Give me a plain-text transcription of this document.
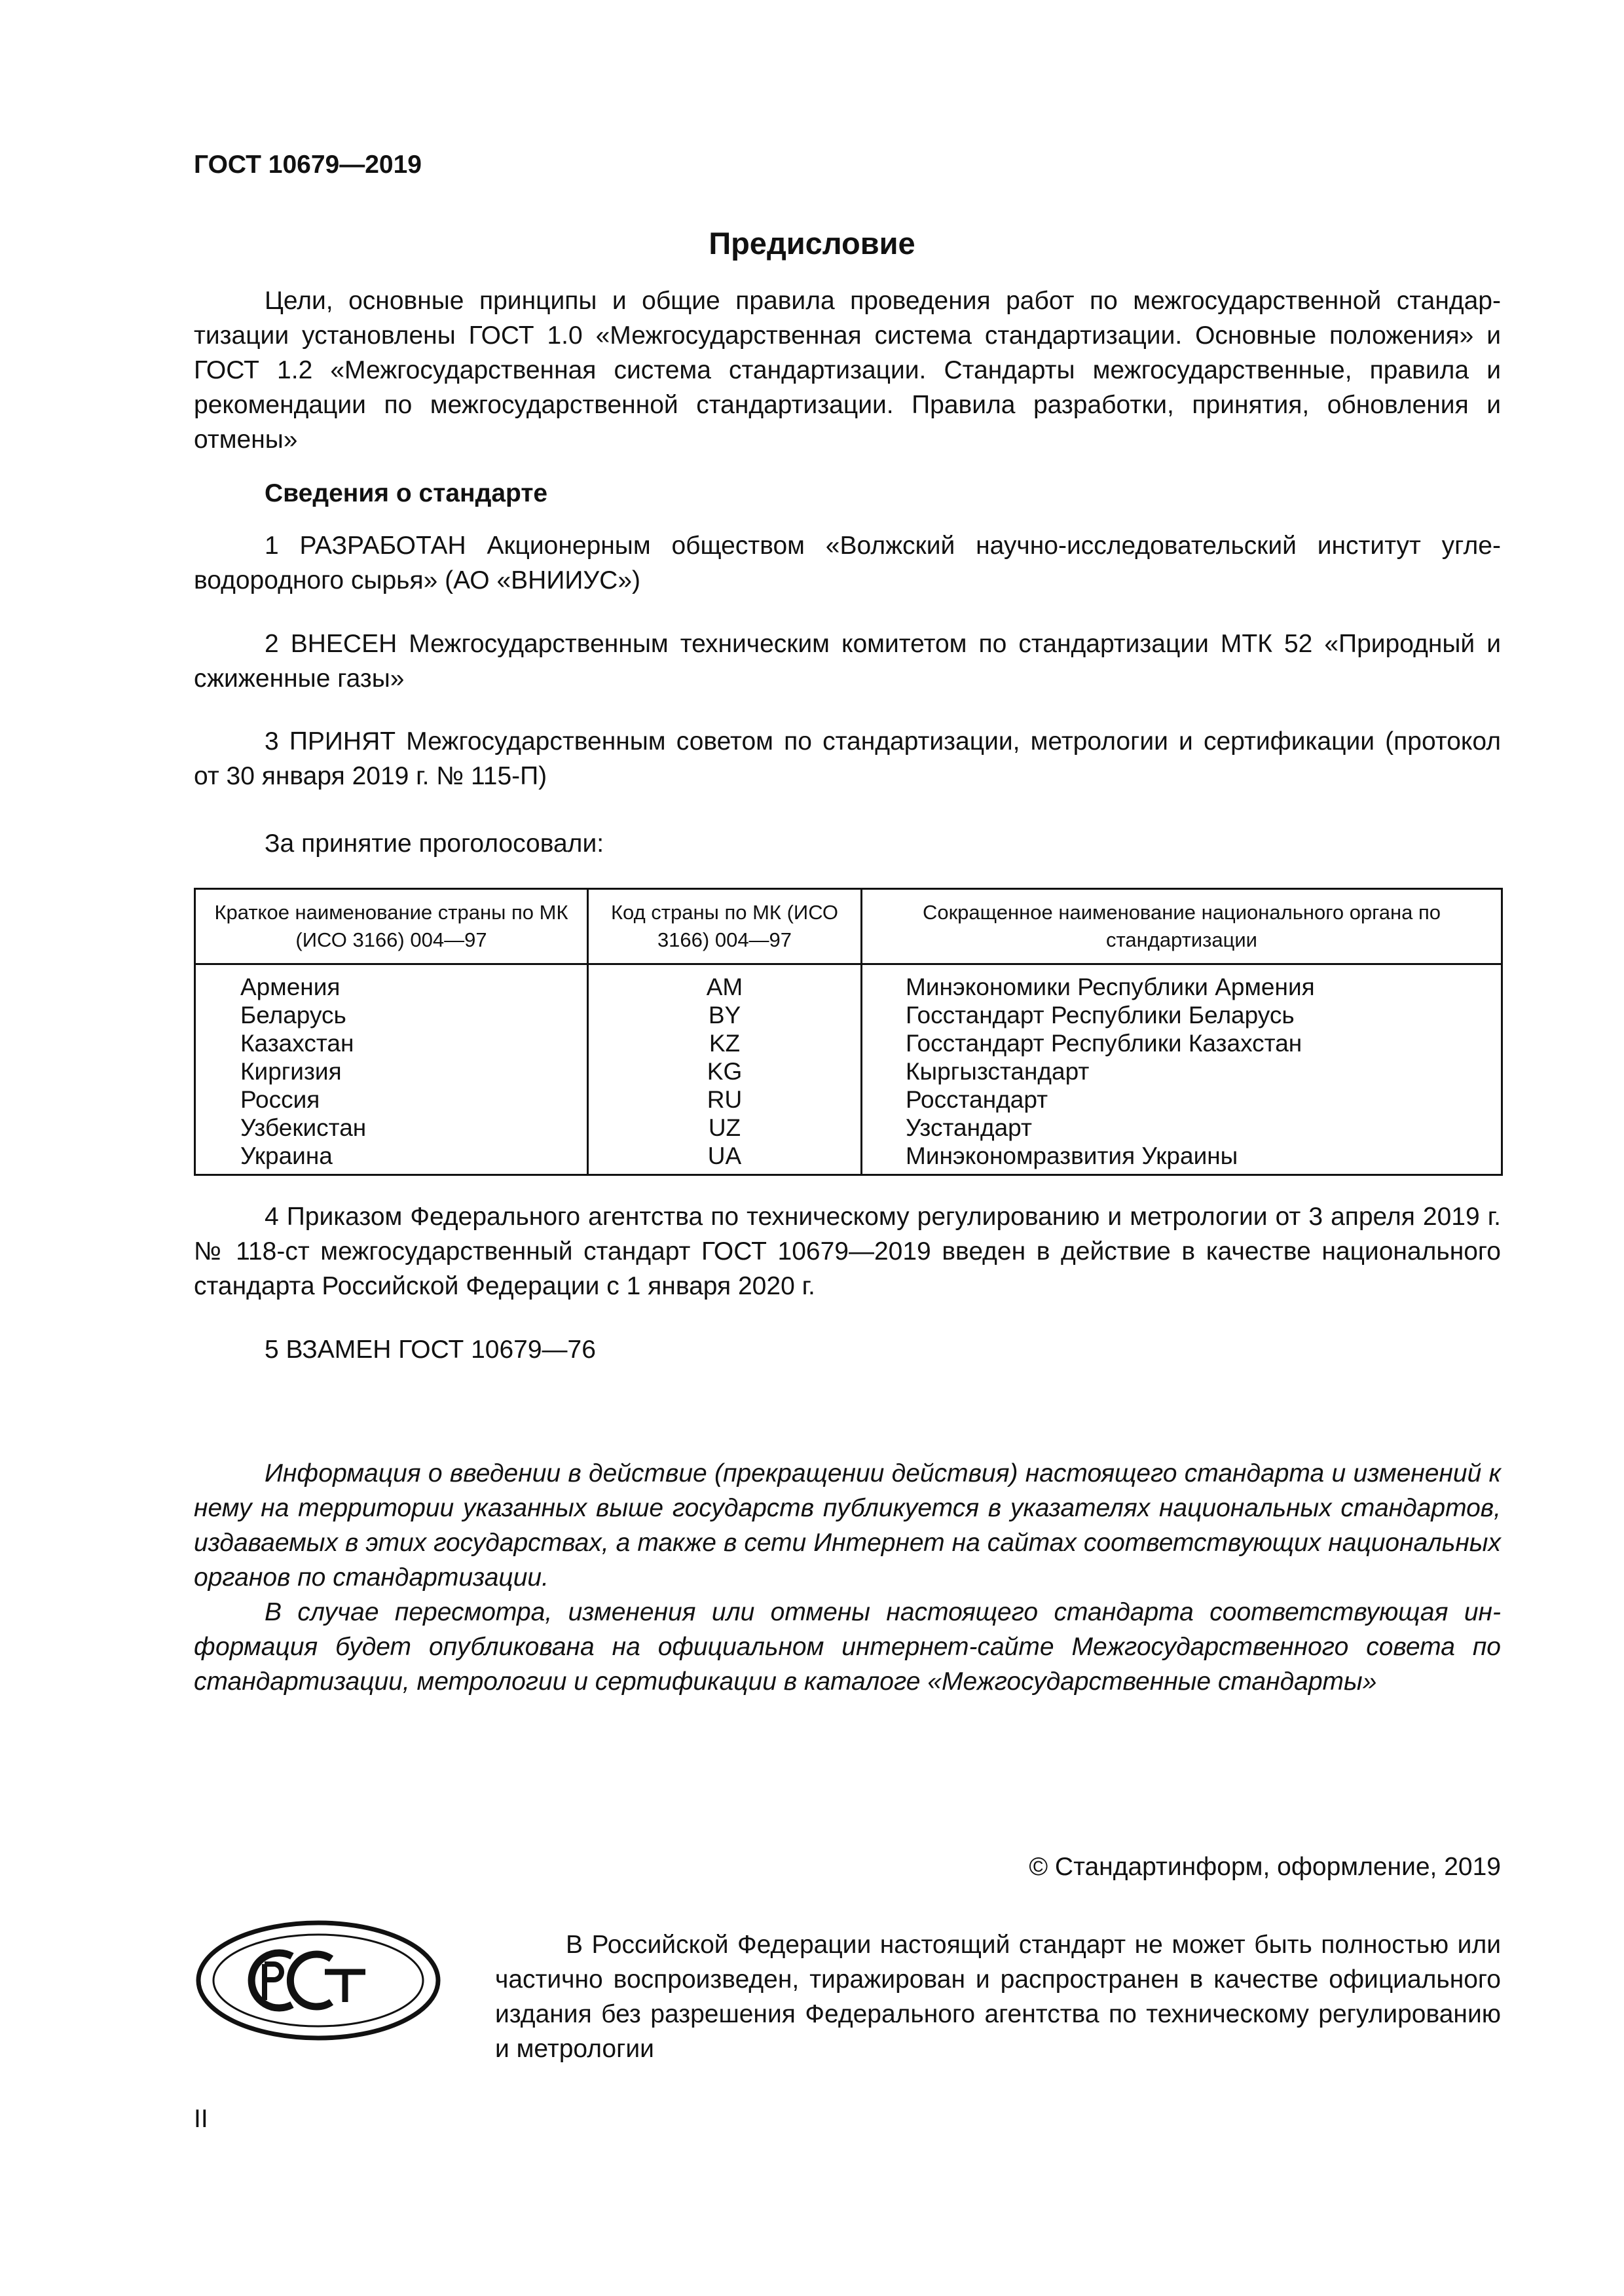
ГОСТ 10679—2019
Предисловие

Цели, основные принципы и общие правила проведения работ по межгосударственной стандартизации установлены ГОСТ 1.0 «Межгосударственная система стандартизации. Основные положения» и ГОСТ 1.2 «Межгосударственная система стандартизации. Стандарты межгосударственные, правила и рекомендации по межгосударственной стандартизации. Правила разработки, принятия, обновления и отмены»

Сведения о стандарте

1 РАЗРАБОТАН Акционерным обществом «Волжский научно-исследовательский институт углеводородного сырья» (АО «ВНИИУС»)

2 ВНЕСЕН Межгосударственным техническим комитетом по стандартизации МТК 52 «Природный и сжиженные газы»

3 ПРИНЯТ Межгосударственным советом по стандартизации, метрологии и сертификации (протокол от 30 января 2019 г. № 115-П)

За принятие проголосовали:
Краткое наименование страны по МК (ИСО 3166) 004—97	Код страны по МК (ИСО 3166) 004—97	Сокращенное наименование национального органа по стандартизации
Армения	AM	Минэкономики Республики Армения
Беларусь	BY	Госстандарт Республики Беларусь
Казахстан	KZ	Госстандарт Республики Казахстан
Киргизия	KG	Кыргызстандарт
Россия	RU	Росстандарт
Узбекистан	UZ	Узстандарт
Украина	UA	Минэкономразвития Украины

4 Приказом Федерального агентства по техническому регулированию и метрологии от 3 апреля 2019 г. № 118-ст межгосударственный стандарт ГОСТ 10679—2019 введен в действие в качестве национального стандарта Российской Федерации с 1 января 2020 г.

5 ВЗАМЕН ГОСТ 10679—76

Информация о введении в действие (прекращении действия) настоящего стандарта и изменений к нему на территории указанных выше государств публикуется в указателях национальных стандартов, издаваемых в этих государствах, а также в сети Интернет на сайтах соответствующих национальных органов по стандартизации.

В случае пересмотра, изменения или отмены настоящего стандарта соответствующая информация будет опубликована на официальном интернет-сайте Межгосударственного совета по стандартизации, метрологии и сертификации в каталоге «Межгосударственные стандарты»

© Стандартинформ, оформление, 2019

В Российской Федерации настоящий стандарт не может быть полностью или частично воспроизведен, тиражирован и распространен в качестве официального издания без разрешения Федерального агентства по техническому регулированию и метрологии

II
